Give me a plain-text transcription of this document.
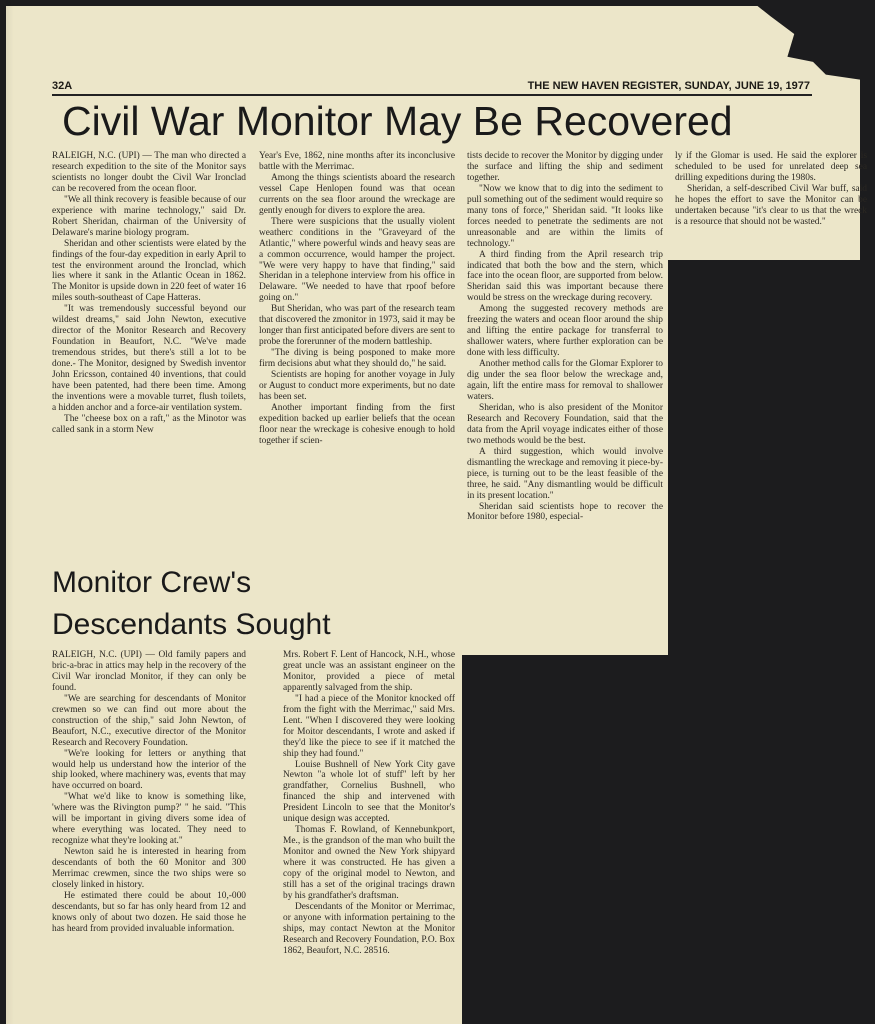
32A	THE NEW HAVEN REGISTER, SUNDAY, JUNE 19, 1977
Civil War Monitor May Be Recovered

RALEIGH, N.C. (UPI) — The man who directed a research expedition to the site of the Monitor says scientists no longer doubt the Civil War Ironclad can be recovered from the ocean floor.

"We all think recovery is feasible because of our experience with marine technology," said Dr. Robert Sheridan, chairman of the University of Delaware's marine biology program.

Sheridan and other scientists were elated by the findings of the four-day expedition in early April to test the environment around the Ironclad, which lies where it sank in the Atlantic Ocean in 1862. The Monitor is upside down in 220 feet of water 16 miles south-southeast of Cape Hatteras.

"It was tremendously successful beyond our wildest dreams," said John Newton, executive director of the Monitor Research and Recovery Foundation in Beaufort, N.C. "We've made tremendous strides, but there's still a lot to be done.- The Monitor, designed by Swedish inventor John Ericsson, contained 40 inventions, that could have been patented, had there been time. Among the inventions were a movable turret, flush toilets, a hidden anchor and a force-air ventilation system.

The "cheese box on a raft," as the Minotor was called sank in a storm New

Year's Eve, 1862, nine months after its inconclusive battle with the Merrimac.

Among the things scientists aboard the research vessel Cape Henlopen found was that ocean currents on the sea floor around the wreckage are gently enough for divers to explore the area.

There were suspicions that the usually violent weatherc conditions in the "Graveyard of the Atlantic," where powerful winds and heavy seas are a common occurrence, would hamper the project. "We were very happy to have that finding," said Sheridan in a telephone interview from his office in Delaware. "We needed to have that rpoof before going on."

But Sheridan, who was part of the research team that discovered the zmonitor in 1973, said it may be longer than first anticipated before divers are sent to probe the forerunner of the modern battleship.

"The diving is being posponed to make more firm decisions abut what they should do," he said.

Scientists are hoping for another voyage in July or August to conduct more experiments, but no date has been set.

Another important finding from the first expedition backed up earlier beliefs that the ocean floor near the wreckage is cohesive enough to hold together if scien-

tists decide to recover the Monitor by digging under the surface and lifting the ship and sediment together.

"Now we know that to dig into the sediment to pull something out of the sediment would require so many tons of force," Sheridan said. "It looks like forces needed to penetrate the sediments are not unreasonable and are within the limits of technology."

A third finding from the April research trip indicated that both the bow and the stern, which face into the ocean floor, are supported from below. Sheridan said this was important because there would be stress on the wreckage during recovery.

Among the suggested recovery methods are freezing the waters and ocean floor around the ship and lifting the entire package for transferral to shallower waters, where further exploration can be done with less difficulty.

Another method calls for the Glomar Explorer to dig under the sea floor below the wreckage and, again, lift the entire mass for removal to shallower waters.

Sheridan, who is also president of the Monitor Research and Recovery Foundation, said that the data from the April voyage indicates either of those two methods would be the best.

A third suggestion, which would involve dismantling the wreckage and removing it piece-by-piece, is turning out to be the least feasible of the three, he said. "Any dismantling would be difficult in its present location."

Sheridan said scientists hope to recover the Monitor before 1980, especial-

ly if the Glomar is used. He said the explorer is scheduled to be used for unrelated deep sea drilling expeditions during the 1980s.

Sheridan, a self-described Civil War buff, said he hopes the effort to save the Monitor can be undertaken because "it's clear to us that the wreck is a resource that should not be wasted."

Monitor Crew's
Descendants Sought

RALEIGH, N.C. (UPI) — Old family papers and bric-a-brac in attics may help in the recovery of the Civil War ironclad Monitor, if they can only be found.

"We are searching for descendants of Monitor crewmen so we can find out more about the construction of the ship," said John Newton, of Beaufort, N.C., executive director of the Monitor Research and Recovery Foundation.

"We're looking for letters or anything that would help us understand how the interior of the ship looked, where machinery was, events that may have occurred on board.

"What we'd like to know is something like, 'where was the Rivington pump?' " he said. "This will be important in giving divers some idea of where everything was located. They need to recognize what they're looking at."

Newton said he is interested in hearing from descendants of both the 60 Monitor and 300 Merrimac crewmen, since the two ships were so closely linked in history.

He estimated there could be about 10,-000 descendants, but so far has only heard from 12 and knows only of about two dozen. He said those he has heard from provided invaluable information.

Mrs. Robert F. Lent of Hancock, N.H., whose great uncle was an assistant engineer on the Monitor, provided a piece of metal apparently salvaged from the ship.

"I had a piece of the Monitor knocked off from the fight with the Merrimac," said Mrs. Lent. "When I discovered they were looking for Moitor descendants, I wrote and asked if they'd like the piece to see if it matched the ship they had found."

Louise Bushnell of New York City gave Newton "a whole lot of stuff" left by her grandfather, Cornelius Bushnell, who financed the ship and intervened with President Lincoln to see that the Monitor's unique design was accepted.

Thomas F. Rowland, of Kennebunkport, Me., is the grandson of the man who built the Monitor and owned the New York shipyard where it was constructed. He has given a copy of the original model to Newton, and still has a set of the original tracings drawn by his grandfather's draftsman.

Descendants of the Monitor or Merrimac, or anyone with information pertaining to the ships, may contact Newton at the Monitor Research and Recovery Foundation, P.O. Box 1862, Beaufort, N.C. 28516.
